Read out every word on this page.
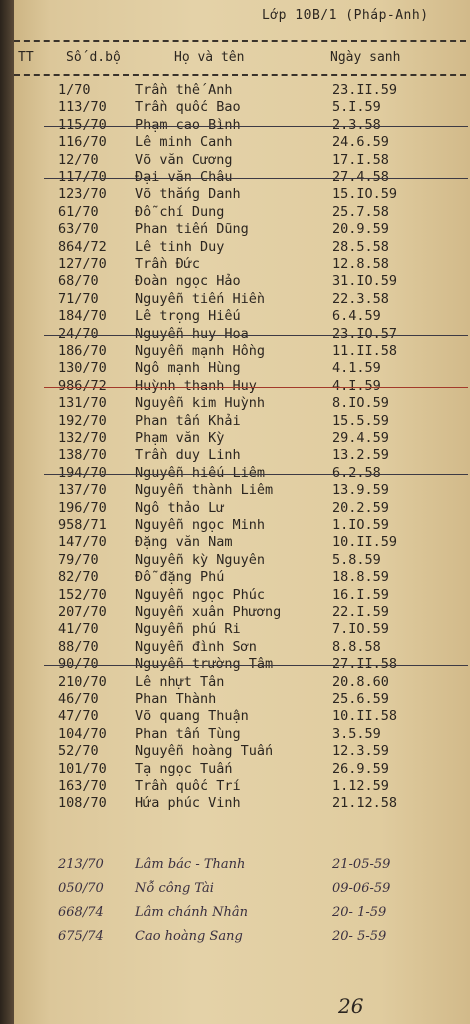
Lớp 10B/1 (Pháp-Anh)
TT Số d.bộ	Họ và tên	Ngày sanh
1/70	Trần thế Anh	23.II.59
113/70 Trần quốc Bao	5.I.59
115/70 Phạm cao Bình	2.3.58
116/70 Lê minh Canh	24.6.59
12/70	Võ văn Cương	17.I.58
117/70 Đại văn Châu	27.4.58
123/70 Võ thắng Danh	15.IO.59
61/70	Đỗ chí Dung	25.7.58
63/70	Phan tiến Dũng	20.9.59
864/72 Lê tinh Duy	28.5.58
127/70 Trần Đức	12.8.58
68/70	Đoàn ngọc Hảo	31.IO.59
71/70	Nguyễn tiến Hiền	22.3.58
184/70 Lê trọng Hiếu	6.4.59
24/70	Nguyễn huy Hoa	23.IO.57
186/70 Nguyễn mạnh Hồng	11.II.58
130/70 Ngô mạnh Hùng	4.1.59
986/72 Huỳnh thanh Huy	4.I.59
131/70 Nguyễn kim Huỳnh	8.IO.59
192/70 Phan tấn Khải	15.5.59
132/70 Phạm văn Kỳ	29.4.59
138/70 Trần duy Linh	13.2.59
194/70 Nguyễn hiếu Liêm	6.2.58
137/70 Nguyễn thành Liêm	13.9.59
196/70 Ngô thảo Lư	20.2.59
958/71 Nguyễn ngọc Minh	1.IO.59
147/70 Đặng văn Nam	10.II.59
79/70	Nguyễn kỳ Nguyên	5.8.59
82/70	Đỗ đặng Phú	18.8.59
152/70 Nguyễn ngọc Phúc	16.I.59
207/70 Nguyễn xuân Phương	22.I.59
41/70	Nguyễn phú Ri	7.IO.59
88/70	Nguyễn đình Sơn	8.8.58
90/70	Nguyễn trường Tâm	27.II.58
210/70 Lê nhựt Tân	20.8.60
46/70	Phan Thành	25.6.59
47/70	Võ quang Thuận	10.II.58
104/70 Phan tấn Tùng	3.5.59
52/70	Nguyễn hoàng Tuấn	12.3.59
101/70 Tạ ngọc Tuấn	26.9.59
163/70 Trần quốc Trí	1.12.59
108/70 Hứa phúc Vinh	21.12.58
213/70 Lâm bác - Thanh	21-05-59
050/70 Nỗ công Tài	09-06-59
668/74 Lâm chánh Nhân	20- 1-59
675/74 Cao hoàng Sang	20- 5-59
26
